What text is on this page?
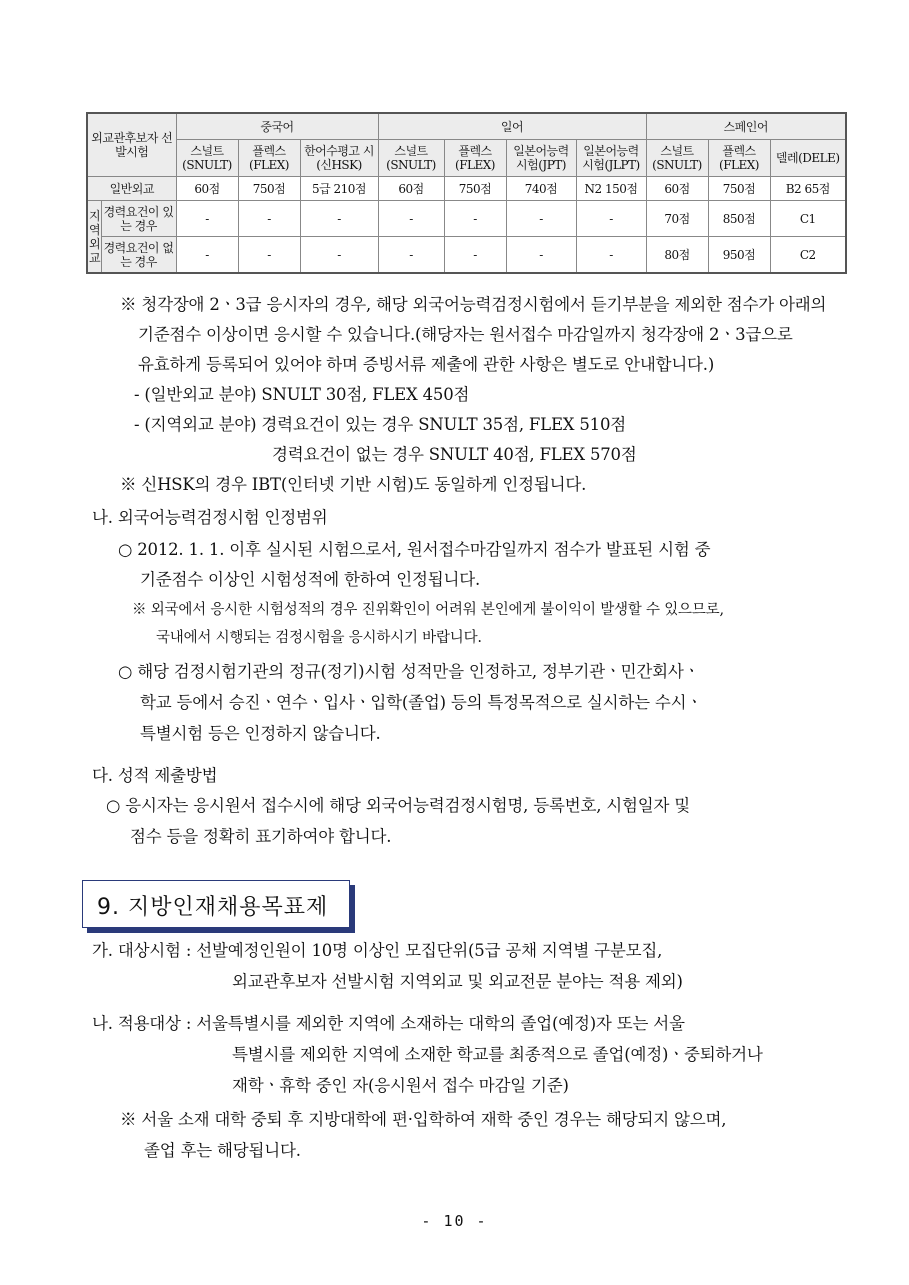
외교관후보자 선발시험		중국어			일어				스페인어		
		스널트 (SNULT)	플렉스 (FLEX)	한어수평고 시(신HSK)	스널트 (SNULT)	플렉스 (FLEX)	일본어능력 시험(JPT)	일본어능력 시험(JLPT)	스널트 (SNULT)	플렉스 (FLEX)	델레(DELE)
일반외교		60점	750점	5급 210점	60점	750점	740점	N2 150점	60점	750점	B2 65점
지역외교	경력요건이 있는 경우	-	-	-	-	-	-	-	70점	850점	C1
	경력요건이 없는 경우	-	-	-	-	-	-	-	80점	950점	C2
※ 청각장애 2ㆍ3급 응시자의 경우, 해당 외국어능력검정시험에서 듣기부분을 제외한 점수가 아래의
기준점수 이상이면 응시할 수 있습니다.(해당자는 원서접수 마감일까지 청각장애 2ㆍ3급으로
유효하게 등록되어 있어야 하며 증빙서류 제출에 관한 사항은 별도로 안내합니다.)
- (일반외교 분야) SNULT 30점, FLEX 450점
- (지역외교 분야) 경력요건이 있는 경우 SNULT 35점, FLEX 510점
경력요건이 없는 경우 SNULT 40점, FLEX 570점
※ 신HSK의 경우 IBT(인터넷 기반 시험)도 동일하게 인정됩니다.
나. 외국어능력검정시험 인정범위
○ 2012. 1. 1. 이후 실시된 시험으로서, 원서접수마감일까지 점수가 발표된 시험 중
기준점수 이상인 시험성적에 한하여 인정됩니다.
※ 외국에서 응시한 시험성적의 경우 진위확인이 어려워 본인에게 불이익이 발생할 수 있으므로,
국내에서 시행되는 검정시험을 응시하시기 바랍니다.
○ 해당 검정시험기관의 정규(정기)시험 성적만을 인정하고, 정부기관ㆍ민간회사ㆍ
학교 등에서 승진ㆍ연수ㆍ입사ㆍ입학(졸업) 등의 특정목적으로 실시하는 수시ㆍ
특별시험 등은 인정하지 않습니다.
다. 성적 제출방법
○ 응시자는 응시원서 접수시에 해당 외국어능력검정시험명, 등록번호, 시험일자 및
점수 등을 정확히 표기하여야 합니다.
9. 지방인재채용목표제
가. 대상시험 : 선발예정인원이 10명 이상인 모집단위(5급 공채 지역별 구분모집,
외교관후보자 선발시험 지역외교 및 외교전문 분야는 적용 제외)
나. 적용대상 : 서울특별시를 제외한 지역에 소재하는 대학의 졸업(예정)자 또는 서울
특별시를 제외한 지역에 소재한 학교를 최종적으로 졸업(예정)ㆍ중퇴하거나
재학ㆍ휴학 중인 자(응시원서 접수 마감일 기준)
※ 서울 소재 대학 중퇴 후 지방대학에 편·입학하여 재학 중인 경우는 해당되지 않으며,
졸업 후는 해당됩니다.
- 10 -
